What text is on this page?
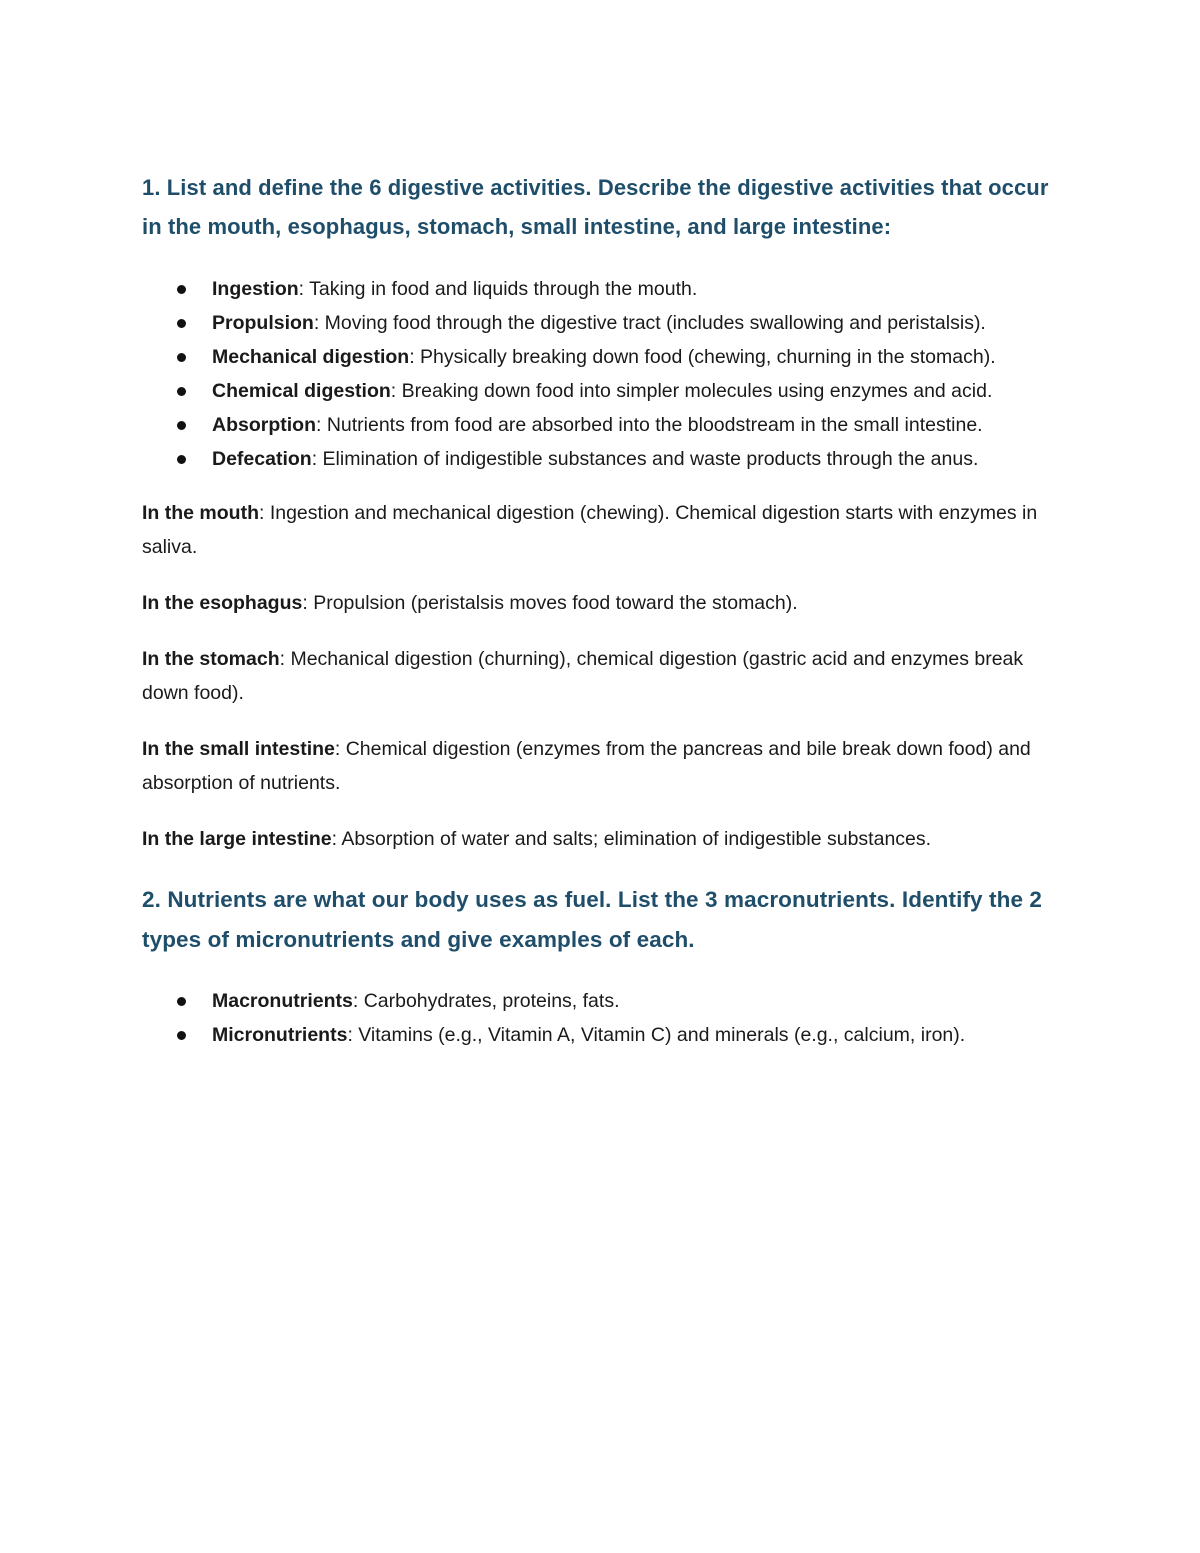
1. List and define the 6 digestive activities. Describe the digestive activities that occur in the mouth, esophagus, stomach, small intestine, and large intestine:
Ingestion: Taking in food and liquids through the mouth.
Propulsion: Moving food through the digestive tract (includes swallowing and peristalsis).
Mechanical digestion: Physically breaking down food (chewing, churning in the stomach).
Chemical digestion: Breaking down food into simpler molecules using enzymes and acid.
Absorption: Nutrients from food are absorbed into the bloodstream in the small intestine.
Defecation: Elimination of indigestible substances and waste products through the anus.

In the mouth: Ingestion and mechanical digestion (chewing). Chemical digestion starts with enzymes in saliva.

In the esophagus: Propulsion (peristalsis moves food toward the stomach).

In the stomach: Mechanical digestion (churning), chemical digestion (gastric acid and enzymes break down food).

In the small intestine: Chemical digestion (enzymes from the pancreas and bile break down food) and absorption of nutrients.

In the large intestine: Absorption of water and salts; elimination of indigestible substances.

2. Nutrients are what our body uses as fuel. List the 3 macronutrients. Identify the 2 types of micronutrients and give examples of each.
Macronutrients: Carbohydrates, proteins, fats.
Micronutrients: Vitamins (e.g., Vitamin A, Vitamin C) and minerals (e.g., calcium, iron).
